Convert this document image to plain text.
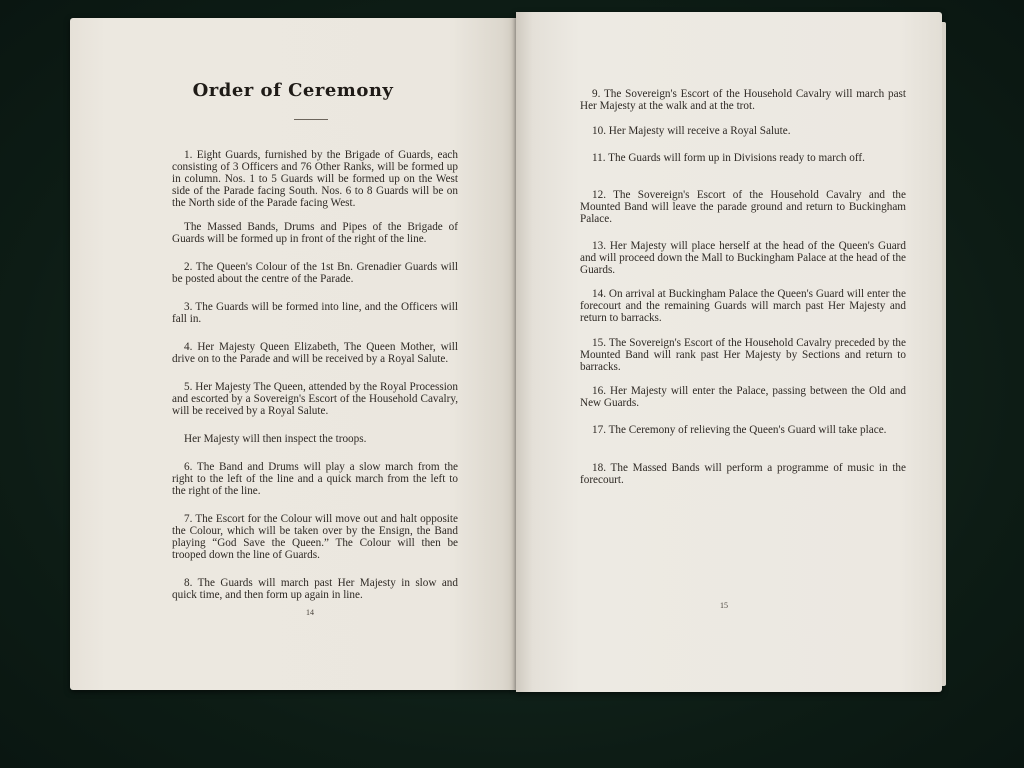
Order of Ceremony

1. Eight Guards, furnished by the Brigade of Guards, each consisting of 3 Officers and 76 Other Ranks, will be formed up in column. Nos. 1 to 5 Guards will be formed up on the West side of the Parade facing South. Nos. 6 to 8 Guards will be on the North side of the Parade facing West.

The Massed Bands, Drums and Pipes of the Brigade of Guards will be formed up in front of the right of the line.

2. The Queen's Colour of the 1st Bn. Grenadier Guards will be posted about the centre of the Parade.

3. The Guards will be formed into line, and the Officers will fall in.

4. Her Majesty Queen Elizabeth, The Queen Mother, will drive on to the Parade and will be received by a Royal Salute.

5. Her Majesty The Queen, attended by the Royal Procession and escorted by a Sovereign's Escort of the Household Cavalry, will be received by a Royal Salute.

Her Majesty will then inspect the troops.

6. The Band and Drums will play a slow march from the right to the left of the line and a quick march from the left to the right of the line.

7. The Escort for the Colour will move out and halt opposite the Colour, which will be taken over by the Ensign, the Band playing “God Save the Queen.” The Colour will then be trooped down the line of Guards.

8. The Guards will march past Her Majesty in slow and quick time, and then form up again in line.

14

9. The Sovereign's Escort of the Household Cavalry will march past Her Majesty at the walk and at the trot.

10. Her Majesty will receive a Royal Salute.

11. The Guards will form up in Divisions ready to march off.

12. The Sovereign's Escort of the Household Cavalry and the Mounted Band will leave the parade ground and return to Buckingham Palace.

13. Her Majesty will place herself at the head of the Queen's Guard and will proceed down the Mall to Buckingham Palace at the head of the Guards.

14. On arrival at Buckingham Palace the Queen's Guard will enter the forecourt and the remaining Guards will march past Her Majesty and return to barracks.

15. The Sovereign's Escort of the Household Cavalry preceded by the Mounted Band will rank past Her Majesty by Sections and return to barracks.

16. Her Majesty will enter the Palace, passing between the Old and New Guards.

17. The Ceremony of relieving the Queen's Guard will take place.

18. The Massed Bands will perform a programme of music in the forecourt.

15
